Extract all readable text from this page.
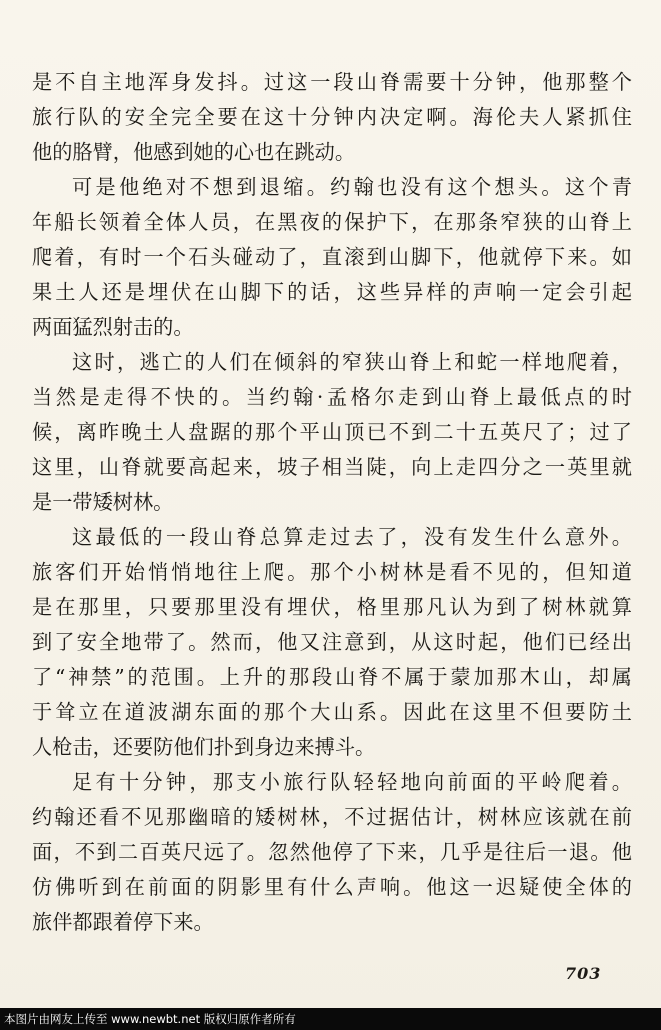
是不自主地浑身发抖。过这一段山脊需要十分钟，他那整个
旅行队的安全完全要在这十分钟内决定啊。海伦夫人紧抓住
他的胳臂，他感到她的心也在跳动。
可是他绝对不想到退缩。约翰也没有这个想头。这个青
年船长领着全体人员，在黑夜的保护下，在那条窄狭的山脊上
爬着，有时一个石头碰动了，直滚到山脚下，他就停下来。如
果土人还是埋伏在山脚下的话，这些异样的声响一定会引起
两面猛烈射击的。
这时，逃亡的人们在倾斜的窄狭山脊上和蛇一样地爬着，
当然是走得不快的。当约翰·孟格尔走到山脊上最低点的时
候，离昨晚土人盘踞的那个平山顶已不到二十五英尺了；过了
这里，山脊就要高起来，坡子相当陡，向上走四分之一英里就
是一带矮树林。
这最低的一段山脊总算走过去了，没有发生什么意外。
旅客们开始悄悄地往上爬。那个小树林是看不见的，但知道
是在那里，只要那里没有埋伏，格里那凡认为到了树林就算
到了安全地带了。然而，他又注意到，从这时起，他们已经出
了“神禁”的范围。上升的那段山脊不属于蒙加那木山，却属
于耸立在道波湖东面的那个大山系。因此在这里不但要防土
人枪击，还要防他们扑到身边来搏斗。
足有十分钟，那支小旅行队轻轻地向前面的平岭爬着。
约翰还看不见那幽暗的矮树林，不过据估计，树林应该就在前
面，不到二百英尺远了。忽然他停了下来，几乎是往后一退。他
仿佛听到在前面的阴影里有什么声响。他这一迟疑使全体的
旅伴都跟着停下来。
703
本图片由网友上传至 www.newbt.net 版权归原作者所有
